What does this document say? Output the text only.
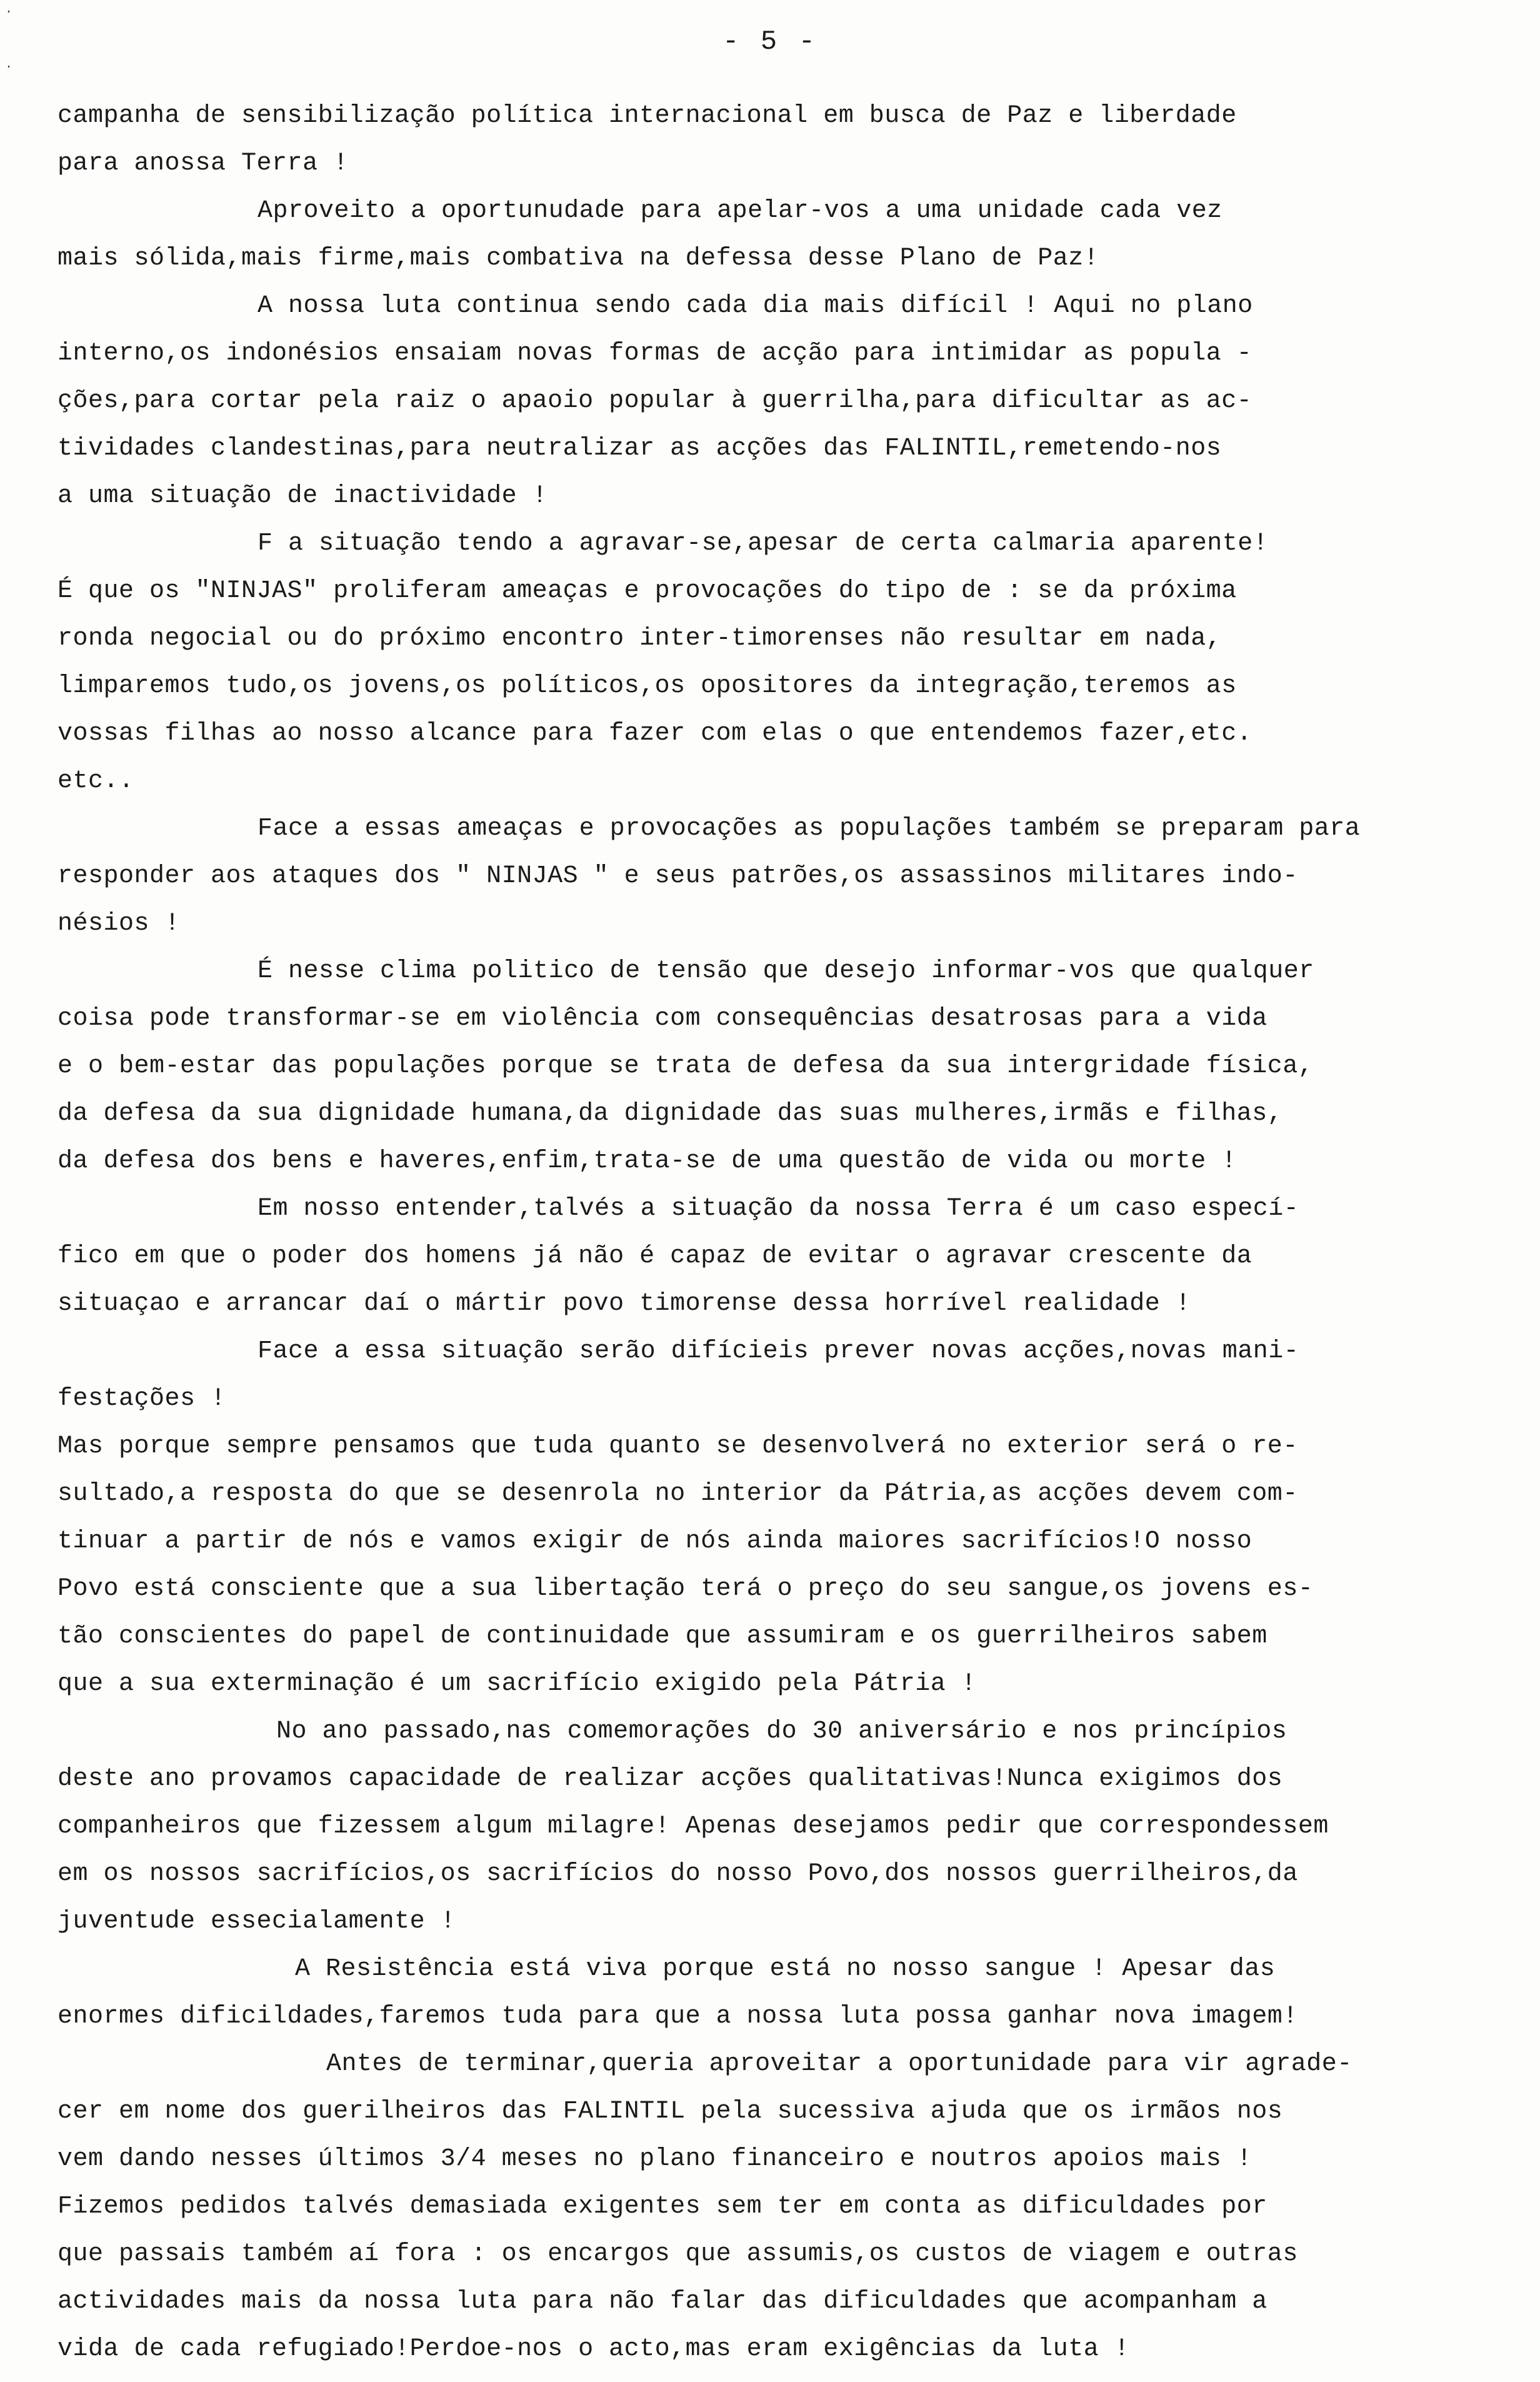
- 5 -
·
·
campanha de sensibilização política internacional em busca de Paz e liberdade
para anossa Terra !
Aproveito a oportunudade para apelar-vos a uma unidade cada vez
mais sólida,mais firme,mais combativa na defessa desse Plano de Paz!
A nossa luta continua sendo cada dia mais difícil ! Aqui no plano
interno,os indonésios ensaiam novas formas de acção para intimidar as popula -
ções,para cortar pela raiz o apaoio popular à guerrilha,para dificultar as ac-
tividades clandestinas,para neutralizar as acções das FALINTIL,remetendo-nos
a uma situação de inactividade !
F a situação tendo a agravar-se,apesar de certa calmaria aparente!
É que os "NINJAS" proliferam ameaças e provocações do tipo de : se da próxima
ronda negocial ou do próximo encontro inter-timorenses não resultar em nada,
limparemos tudo,os jovens,os políticos,os opositores da integração,teremos as
vossas filhas ao nosso alcance para fazer com elas o que entendemos fazer,etc.
etc..
Face a essas ameaças e provocações as populações também se preparam para
responder aos ataques dos " NINJAS " e seus patrões,os assassinos militares indo-
nésios !
É nesse clima politico de tensão que desejo informar-vos que qualquer
coisa pode transformar-se em violência com consequências desatrosas para a vida
e o bem-estar das populações porque se trata de defesa da sua intergridade física,
da defesa da sua dignidade humana,da dignidade das suas mulheres,irmãs e filhas,
da defesa dos bens e haveres,enfim,trata-se de uma questão de vida ou morte !
Em nosso entender,talvés a situação da nossa Terra é um caso especí-
fico em que o poder dos homens já não é capaz de evitar o agravar crescente da
situaçao e arrancar daí o mártir povo timorense dessa horrível realidade !
Face a essa situação serão difícieis prever novas acções,novas mani-
festações !
Mas porque sempre pensamos que tuda quanto se desenvolverá no exterior será o re-
sultado,a resposta do que se desenrola no interior da Pátria,as acções devem com-
tinuar a partir de nós e vamos exigir de nós ainda maiores sacrifícios!O nosso
Povo está consciente que a sua libertação terá o preço do seu sangue,os jovens es-
tão conscientes do papel de continuidade que assumiram e os guerrilheiros sabem
que a sua exterminação é um sacrifício exigido pela Pátria !
No ano passado,nas comemorações do 30 aniversário e nos princípios
deste ano provamos capacidade de realizar acções qualitativas!Nunca exigimos dos
companheiros que fizessem algum milagre! Apenas desejamos pedir que correspondessem
em os nossos sacrifícios,os sacrifícios do nosso Povo,dos nossos guerrilheiros,da
juventude essecialamente !
A Resistência está viva porque está no nosso sangue ! Apesar das
enormes dificildades,faremos tuda para que a nossa luta possa ganhar nova imagem!
Antes de terminar,queria aproveitar a oportunidade para vir agrade-
cer em nome dos guerilheiros das FALINTIL pela sucessiva ajuda que os irmãos nos
vem dando nesses últimos 3/4 meses no plano financeiro e noutros apoios mais !
Fizemos pedidos talvés demasiada exigentes sem ter em conta as dificuldades por
que passais também aí fora : os encargos que assumis,os custos de viagem e outras
actividades mais da nossa luta para não falar das dificuldades que acompanham a
vida de cada refugiado!Perdoe-nos o acto,mas eram exigências da luta !
